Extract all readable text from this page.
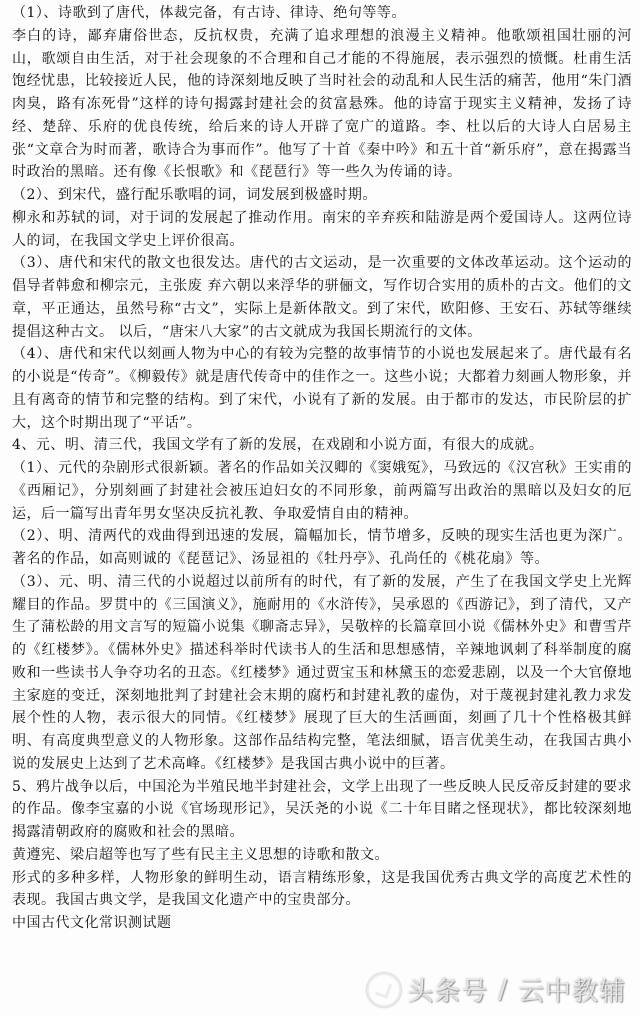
（1）、诗歌到了唐代，体裁完备，有古诗、律诗、绝句等等。

李白的诗，鄙弃庸俗世态，反抗权贵，充满了追求理想的浪漫主义精神。他歌颂祖国壮丽的河山，歌颂自由生活，对于社会现象的不合理和自己才能的不得施展，表示强烈的愤慨。杜甫生活饱经忧患，比较接近人民，他的诗深刻地反映了当时社会的动乱和人民生活的痛苦，他用“朱门酒肉臭，路有冻死骨”这样的诗句揭露封建社会的贫富悬殊。他的诗富于现实主义精神，发扬了诗经、楚辞、乐府的优良传统，给后来的诗人开辟了宽广的道路。李、杜以后的大诗人白居易主张“文章合为时而著，歌诗合为事而作”。他写了十首《秦中吟》和五十首“新乐府”，意在揭露当时政治的黑暗。还有像《长恨歌》和《琵琶行》等一些久为传诵的诗。

（2）、到宋代，盛行配乐歌唱的词，词发展到极盛时期。

柳永和苏轼的词，对于词的发展起了推动作用。南宋的辛弃疾和陆游是两个爱国诗人。这两位诗人的词，在我国文学史上评价很高。

（3）、唐代和宋代的散文也很发达。唐代的古文运动，是一次重要的文体改革运动。这个运动的倡导者韩愈和柳宗元，主张废 弃六朝以来浮华的骈俪文，写作切合实用的质朴的古文。他们的文章，平正通达，虽然号称“古文”，实际上是新体散文。到了宋代，欧阳修、王安石、苏轼等继续提倡这种古文。 以后，“唐宋八大家”的古文就成为我国长期流行的文体。

（4）、唐代和宋代以刻画人物为中心的有较为完整的故事情节的小说也发展起来了。唐代最有名的小说是“传奇”。《柳毅传》就是唐代传奇中的佳作之一。这些小说；大都着力刻画人物形象，并且有离奇的情节和完整的结构。到了宋代，小说有了新的发展。由于都市的发达，市民阶层的扩大，这个时期出现了“平话”。

4、元、明、清三代，我国文学有了新的发展，在戏剧和小说方面，有很大的成就。

（1）、元代的杂剧形式很新颖。著名的作品如关汉卿的《窦娥冤》，马致远的《汉宫秋》王实甫的《西厢记》，分别刻画了封建社会被压迫妇女的不同形象，前两篇写出政治的黑暗以及妇女的厄运，后一篇写出青年男女坚决反抗礼教、争取爱情自由的精神。

（2）、明、清两代的戏曲得到迅速的发展，篇幅加长，情节增多，反映的现实生活也更为深广。著名的作品，如高则诚的《琵琶记》、汤显祖的《牡丹亭》、孔尚任的《桃花扇》等。

（3）、元、明、清三代的小说超过以前所有的时代，有了新的发展，产生了在我国文学史上光辉耀目的作品。罗贯中的《三国演义》，施耐用的《水浒传》，吴承恩的《西游记》，到了清代，又产生了蒲松龄的用文言写的短篇小说集《聊斋志异》，吴敬梓的长篇章回小说《儒林外史》和曹雪芹的《红楼梦》。《儒林外史》描述科举时代读书人的生活和思想感情，辛辣地讽刺了科举制度的腐败和一些读书人争夺功名的丑态。《红楼梦》通过贾宝玉和林黛玉的恋爱悲剧，以及一个大官僚地主家庭的变迁，深刻地批判了封建社会末期的腐朽和封建礼教的虚伪，对于蔑视封建礼教力求发展个性的人物，表示很大的同情。《红楼梦》展现了巨大的生活画面，刻画了几十个性格极其鲜明、有高度典型意义的人物形象。这部作品结构完整，笔法细腻，语言优美生动，在我国古典小说的发展史上达到了艺术高峰。《红楼梦》是我国古典小说中的巨著。

5、鸦片战争以后，中国沦为半殖民地半封建社会，文学上出现了一些反映人民反帝反封建的要求的作品。像李宝嘉的小说《官场现形记》，吴沃尧的小说《二十年目睹之怪现状》，都比较深刻地揭露清朝政府的腐败和社会的黑暗。

黄遵宪、梁启超等也写了些有民主主义思想的诗歌和散文。

形式的多种多样，人物形象的鲜明生动，语言精练形象，这是我国优秀古典文学的高度艺术性的表现。我国古典文学，是我国文化遗产中的宝贵部分。

中国古代文化常识测试题

头条号 / 云中教辅
